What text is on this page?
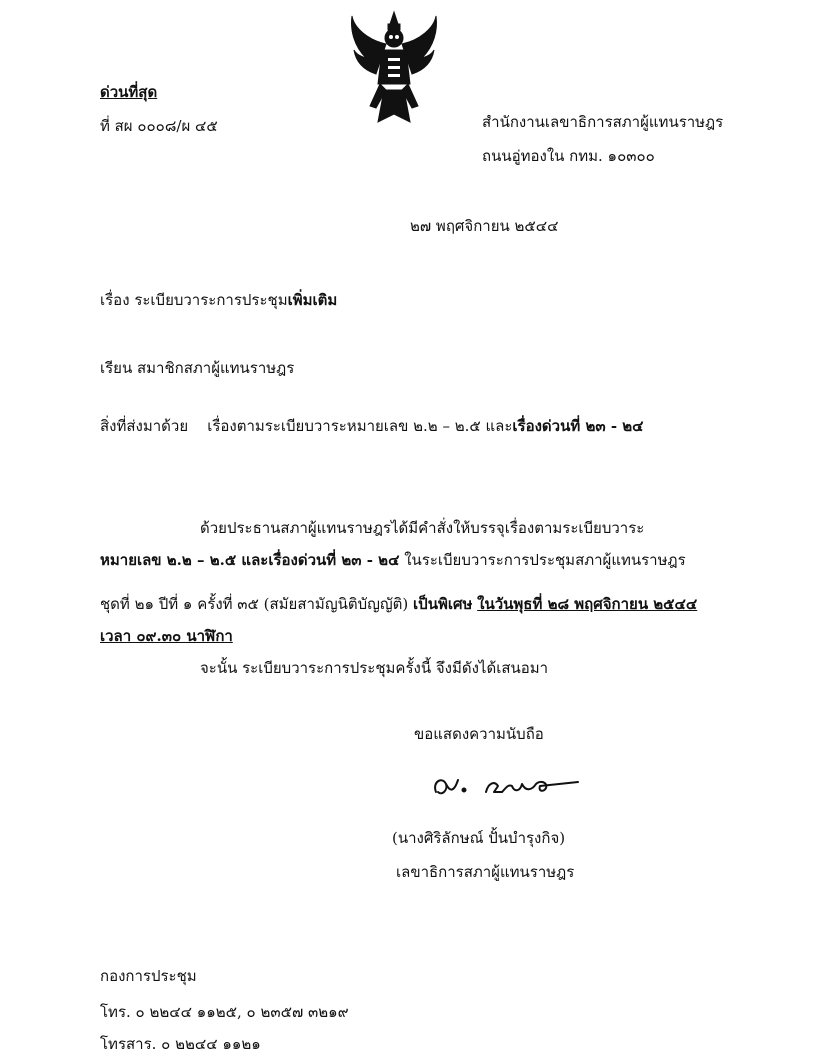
ด่วนที่สุด
ที่ สผ ๐๐๐๘/ผ ๔๕	สำนักงานเลขาธิการสภาผู้แทนราษฎร
ถนนอู่ทองใน กทม. ๑๐๓๐๐
๒๗ พฤศจิกายน ๒๕๔๔
เรื่อง ระเบียบวาระการประชุมเพิ่มเติม
เรียน สมาชิกสภาผู้แทนราษฎร
สิ่งที่ส่งมาด้วย เรื่องตามระเบียบวาระหมายเลข ๒.๒ – ๒.๕ และเรื่องด่วนที่ ๒๓ - ๒๔
ด้วยประธานสภาผู้แทนราษฎรได้มีคำสั่งให้บรรจุเรื่องตามระเบียบวาระ
หมายเลข ๒.๒ – ๒.๕ และเรื่องด่วนที่ ๒๓ - ๒๔ ในระเบียบวาระการประชุมสภาผู้แทนราษฎร
ชุดที่ ๒๑ ปีที่ ๑ ครั้งที่ ๓๕ (สมัยสามัญนิติบัญญัติ) เป็นพิเศษ ในวันพุธที่ ๒๘ พฤศจิกายน ๒๕๔๔
เวลา ๐๙.๓๐ นาฬิกา
จะนั้น ระเบียบวาระการประชุมครั้งนี้ จึงมีดังได้เสนอมา
ขอแสดงความนับถือ
(นางศิริลักษณ์ ปั้นบำรุงกิจ)
เลขาธิการสภาผู้แทนราษฎร
กองการประชุม
โทร. ๐ ๒๒๔๔ ๑๑๒๕, ๐ ๒๓๕๗ ๓๒๑๙
โทรสาร. ๐ ๒๒๔๔ ๑๑๒๑
